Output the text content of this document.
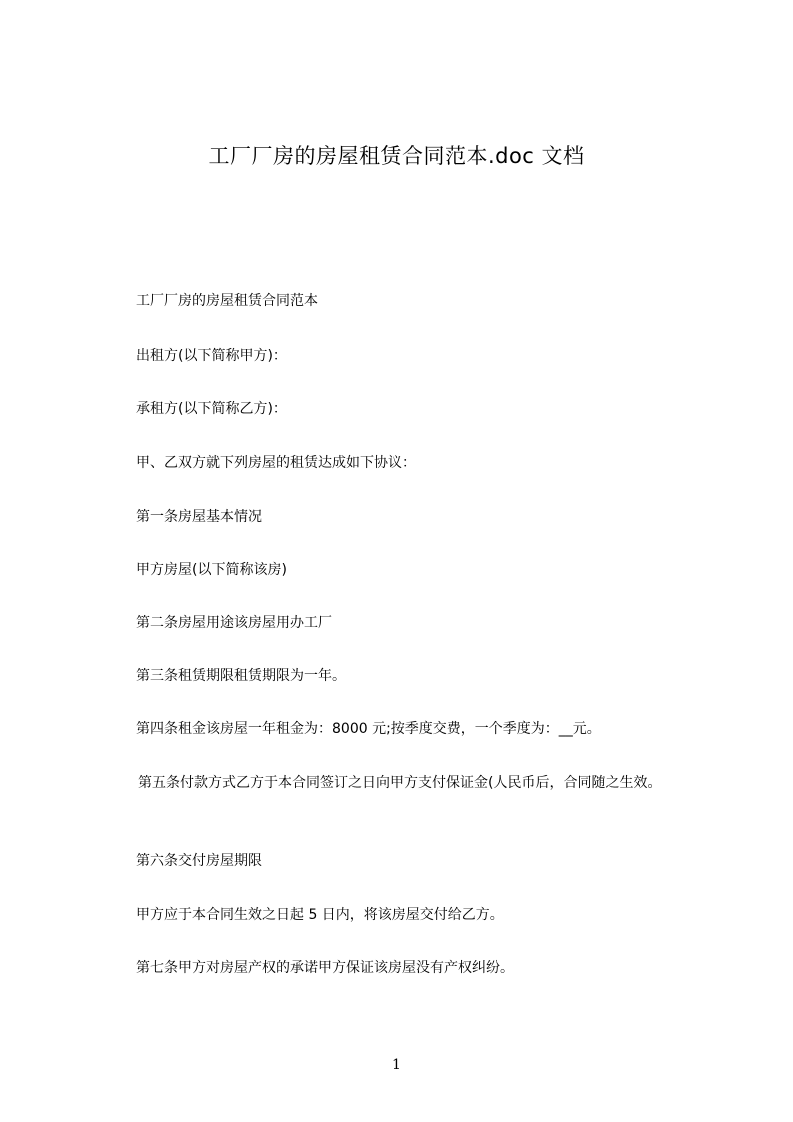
工厂厂房的房屋租赁合同范本.doc 文档
工厂厂房的房屋租赁合同范本
出租方(以下简称甲方)：
承租方(以下简称乙方)：
甲、乙双方就下列房屋的租赁达成如下协议：
第一条房屋基本情况
甲方房屋(以下简称该房)
第二条房屋用途该房屋用办工厂
第三条租赁期限租赁期限为一年。
第四条租金该房屋一年租金为：8000 元;按季度交费，一个季度为：__元。
第五条付款方式乙方于本合同签订之日向甲方支付保证金(人民币后，合同随之生效。
第六条交付房屋期限
甲方应于本合同生效之日起 5 日内，将该房屋交付给乙方。
第七条甲方对房屋产权的承诺甲方保证该房屋没有产权纠纷。
1
